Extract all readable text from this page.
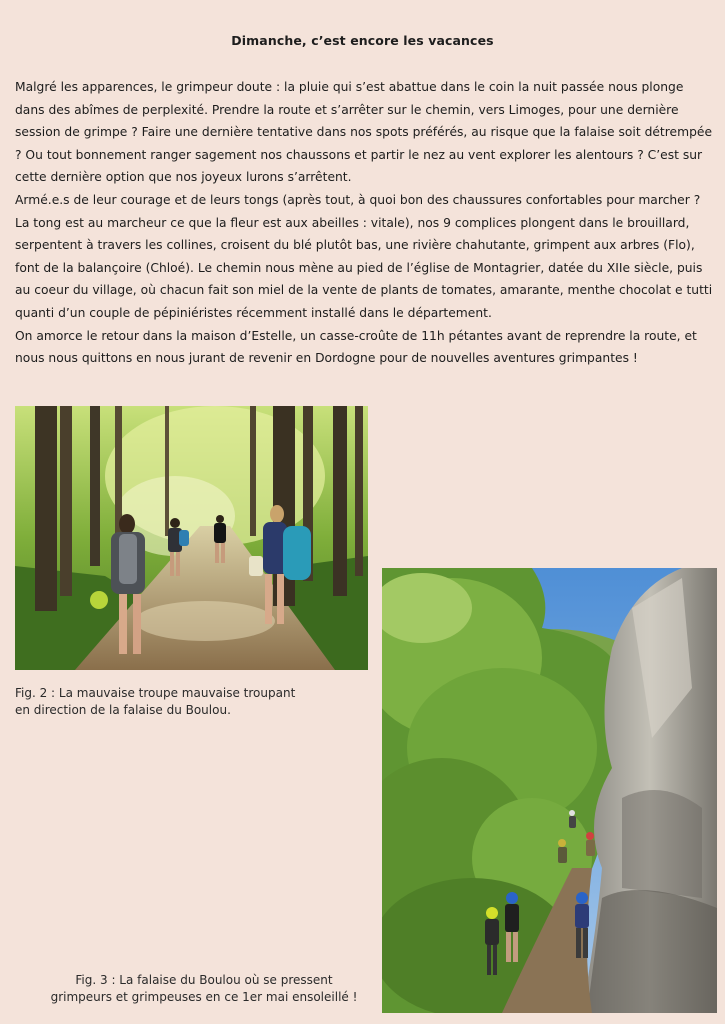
Dimanche, c’est encore les vacances

Malgré les apparences, le grimpeur doute : la pluie qui s’est abattue dans le coin la nuit passée nous plonge dans des abîmes de perplexité. Prendre la route et s’arrêter sur le chemin, vers Limoges, pour une dernière session de grimpe ? Faire une dernière tentative dans nos spots préférés, au risque que la falaise soit détrempée ? Ou tout bonnement ranger sagement nos chaussons et partir le nez au vent explorer les alentours ? C’est sur cette dernière option que nos joyeux lurons s’arrêtent.

Armé.e.s de leur courage et de leurs tongs (après tout, à quoi bon des chaussures confortables pour marcher ? La tong est au marcheur ce que la fleur est aux abeilles : vitale), nos 9 complices plongent dans le brouillard, serpentent à travers les collines, croisent du blé plutôt bas, une rivière chahutante, grimpent aux arbres (Flo), font de la balançoire (Chloé). Le chemin nous mène au pied de l’église de Montagrier, datée du XIIe siècle, puis au coeur du village, où chacun fait son miel de la vente de plants de tomates, amarante, menthe chocolat e tutti quanti d’un couple de pépiniéristes récemment installé dans le département.

On amorce le retour dans la maison d’Estelle, un casse-croûte de 11h pétantes avant de reprendre la route, et nous nous quittons en nous jurant de revenir en Dordogne pour de nouvelles aventures grimpantes !

Fig. 2 : La mauvaise troupe mauvaise troupant
en direction de la falaise du Boulou.
Fig. 3 : La falaise du Boulou où se pressent
grimpeurs et grimpeuses en ce 1er mai ensoleillé !
